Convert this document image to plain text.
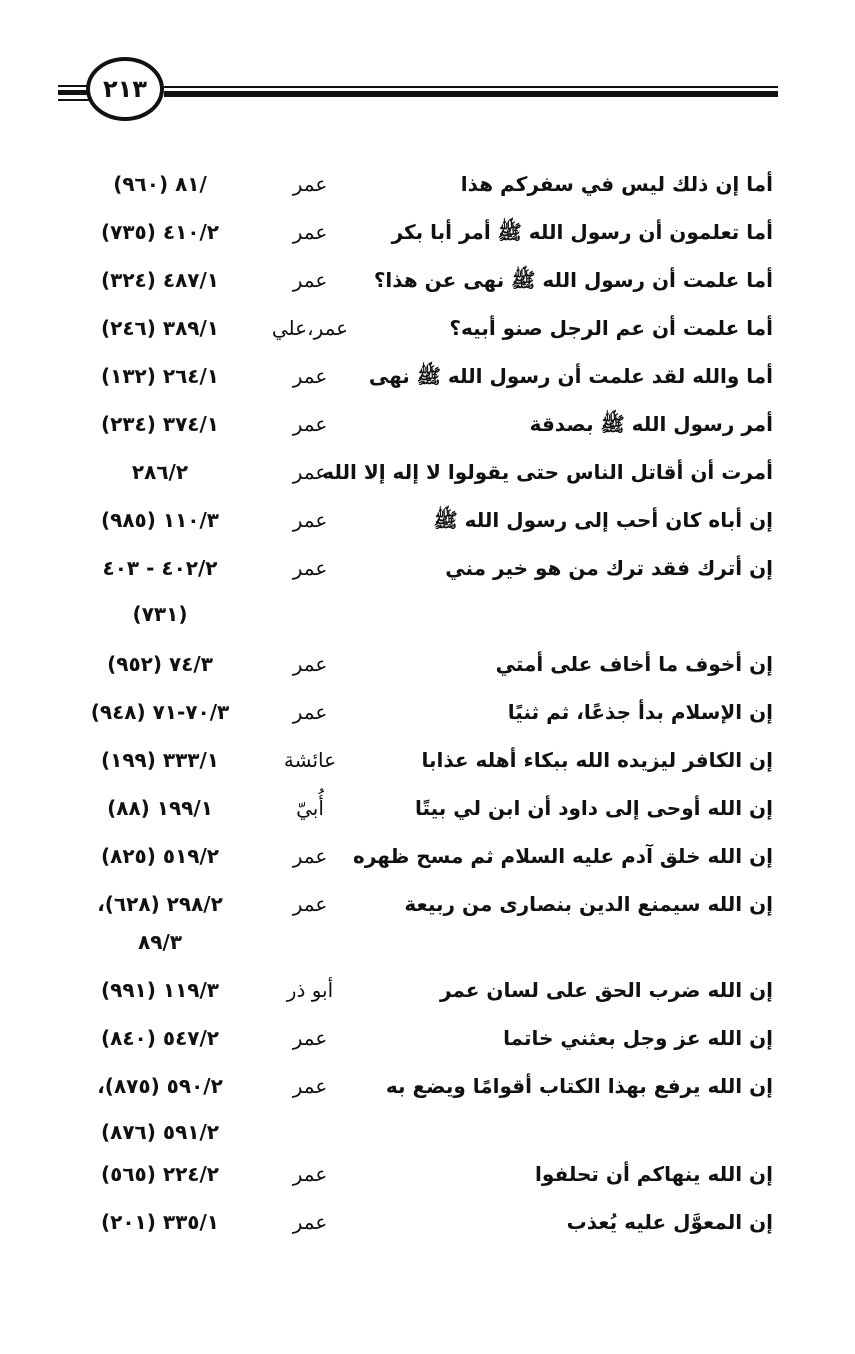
٢١٣
أما إن ذلك ليس في سفركم هذا
عمر
/٨١ (٩٦٠)
أما تعلمون أن رسول الله ﷺ أمر أبا بكر
عمر
٤١٠/٢ (٧٣٥)
أما علمت أن رسول الله ﷺ نهى عن هذا؟
عمر
٤٨٧/١ (٣٢٤)
أما علمت أن عم الرجل صنو أبيه؟
عمر،علي
٣٨٩/١ (٢٤٦)
أما والله لقد علمت أن رسول الله ﷺ نهى
عمر
٢٦٤/١ (١٣٢)
أمر رسول الله ﷺ بصدقة
عمر
٣٧٤/١ (٢٣٤)
أمرت أن أقاتل الناس حتى يقولوا لا إله إلا الله
عمر
٢٨٦/٢
إن أباه كان أحب إلى رسول الله ﷺ
عمر
١١٠/٣ (٩٨٥)
إن أترك فقد ترك من هو خير مني
عمر
٤٠٢/٢ - ٤٠٣
(٧٣١)
إن أخوف ما أخاف على أمتي
عمر
٧٤/٣ (٩٥٢)
إن الإسلام بدأ جذعًا، ثم ثنيًا
عمر
٧٠/٣-٧١ (٩٤٨)
إن الكافر ليزيده الله ببكاء أهله عذابا
عائشة
٣٣٣/١ (١٩٩)
إن الله أوحى إلى داود أن ابن لي بيتًا
أُبيّ
١٩٩/١ (٨٨)
إن الله خلق آدم عليه السلام ثم مسح ظهره
عمر
٥١٩/٢ (٨٢٥)
إن الله سيمنع الدين بنصارى من ربيعة
عمر
٢٩٨/٢ (٦٢٨)،
٨٩/٣
إن الله ضرب الحق على لسان عمر
أبو ذر
١١٩/٣ (٩٩١)
إن الله عز وجل بعثني خاتما
عمر
٥٤٧/٢ (٨٤٠)
إن الله يرفع بهذا الكتاب أقوامًا ويضع به
عمر
٥٩٠/٢ (٨٧٥)،
٥٩١/٢ (٨٧٦)
إن الله ينهاكم أن تحلفوا
عمر
٢٢٤/٢ (٥٦٥)
إن المعوَّل عليه يُعذب
عمر
٣٣٥/١ (٢٠١)
